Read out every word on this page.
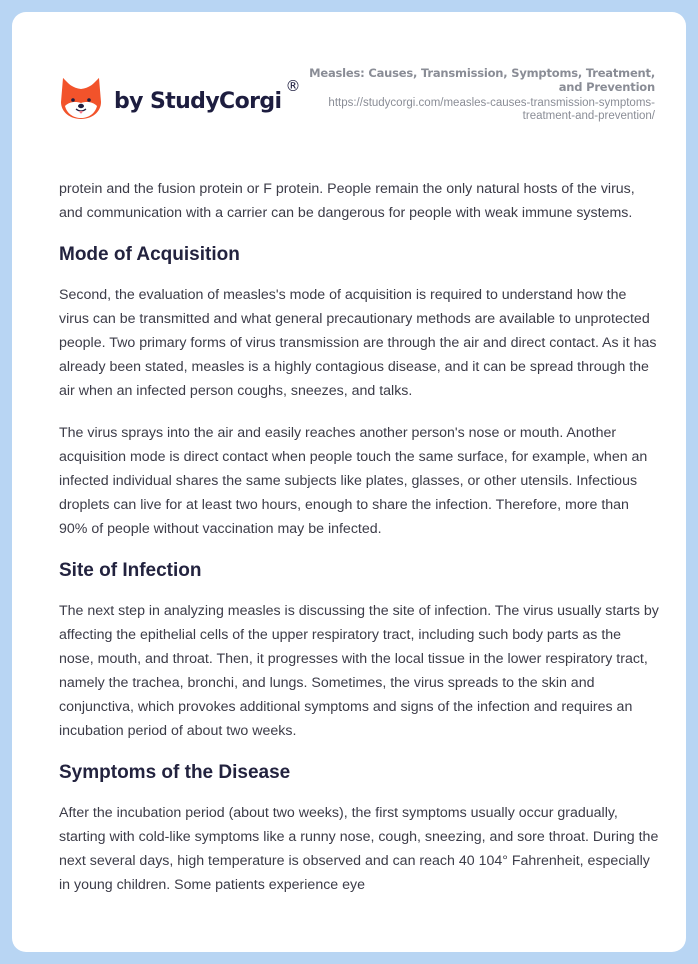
by StudyCorgi
®
Measles: Causes, Transmission, Symptoms, Treatment, and Prevention
https://studycorgi.com/measles-causes-transmission-symptoms-treatment-and-prevention/

protein and the fusion protein or F protein. People remain the only natural hosts of the virus, and communication with a carrier can be dangerous for people with weak immune systems.

Mode of Acquisition

Second, the evaluation of measles's mode of acquisition is required to understand how the virus can be transmitted and what general precautionary methods are available to unprotected people. Two primary forms of virus transmission are through the air and direct contact. As it has already been stated, measles is a highly contagious disease, and it can be spread through the air when an infected person coughs, sneezes, and talks.

The virus sprays into the air and easily reaches another person's nose or mouth. Another acquisition mode is direct contact when people touch the same surface, for example, when an infected individual shares the same subjects like plates, glasses, or other utensils. Infectious droplets can live for at least two hours, enough to share the infection. Therefore, more than 90% of people without vaccination may be infected.

Site of Infection

The next step in analyzing measles is discussing the site of infection. The virus usually starts by affecting the epithelial cells of the upper respiratory tract, including such body parts as the nose, mouth, and throat. Then, it progresses with the local tissue in the lower respiratory tract, namely the trachea, bronchi, and lungs. Sometimes, the virus spreads to the skin and conjunctiva, which provokes additional symptoms and signs of the infection and requires an incubation period of about two weeks.

Symptoms of the Disease

After the incubation period (about two weeks), the first symptoms usually occur gradually, starting with cold-like symptoms like a runny nose, cough, sneezing, and sore throat. During the next several days, high temperature is observed and can reach 40 104° Fahrenheit, especially in young children. Some patients experience eye
